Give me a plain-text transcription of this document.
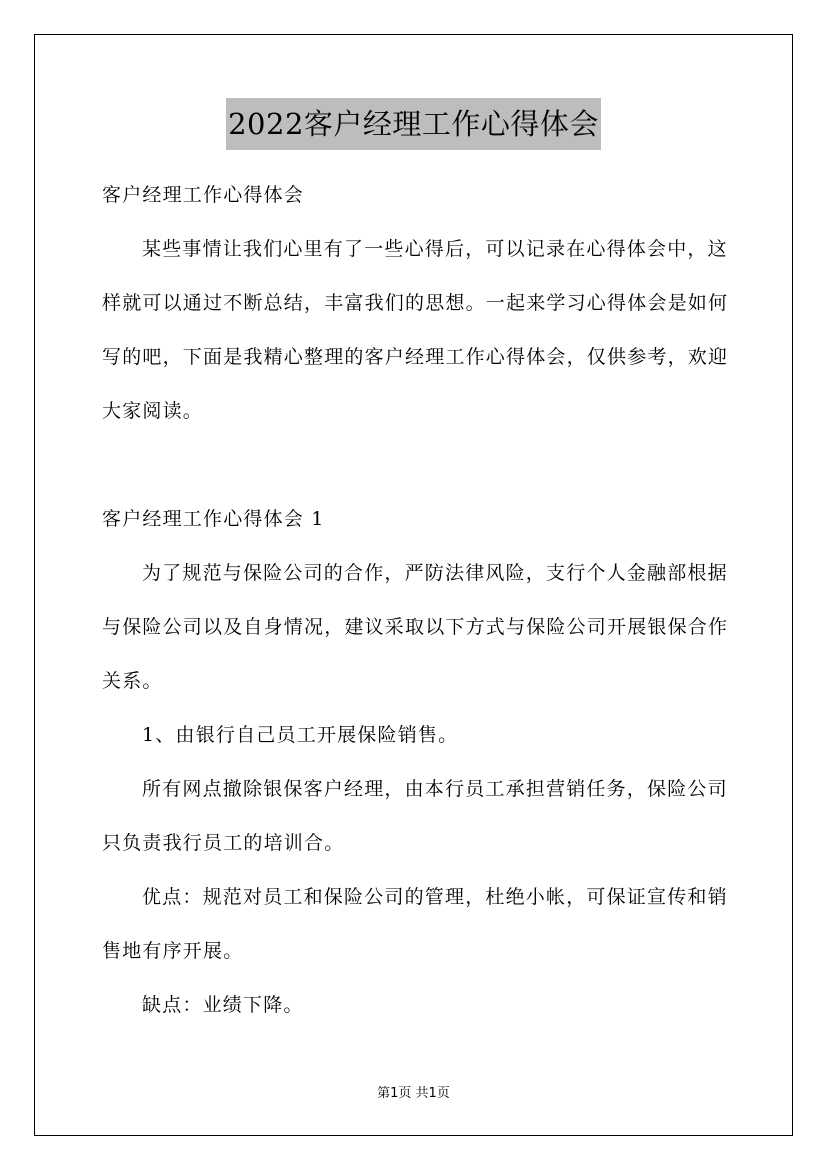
2022客户经理工作心得体会

客户经理工作心得体会

某些事情让我们心里有了一些心得后，可以记录在心得体会中，这样就可以通过不断总结，丰富我们的思想。一起来学习心得体会是如何写的吧，下面是我精心整理的客户经理工作心得体会，仅供参考，欢迎大家阅读。

客户经理工作心得体会 1

为了规范与保险公司的合作，严防法律风险，支行个人金融部根据与保险公司以及自身情况，建议采取以下方式与保险公司开展银保合作关系。

1、由银行自己员工开展保险销售。

所有网点撤除银保客户经理，由本行员工承担营销任务，保险公司只负责我行员工的培训合。

优点：规范对员工和保险公司的管理，杜绝小帐，可保证宣传和销售地有序开展。

缺点：业绩下降。

第1页 共1页
